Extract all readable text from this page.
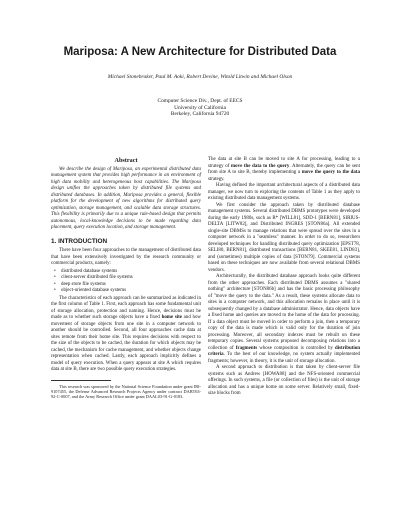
Mariposa: A New Architecture for Distributed Data
Michael Stonebraker, Paul M. Aoki, Robert Devine, Witold Litwin and Michael Olson
Computer Science Div., Dept. of EECS
University of California
Berkeley, California 94720
Abstract

We describe the design of Mariposa, an experimental distributed data management system that provides high performance in an environment of high data mobility and heterogeneous host capabilities. The Mariposa design unifies the approaches taken by distributed file systems and distributed databases. In addition, Mariposa provides a general, flexible platform for the development of new algorithms for distributed query optimization, storage management, and scalable data storage structures. This flexibility is primarily due to a unique rule-based design that permits autonomous, local-knowledge decisions to be made regarding data placement, query execution location, and storage management.

1. INTRODUCTION

There have been four approaches to the management of distributed data that have been extensively investigated by the research community or commercial products, namely:

• distributed database systems
• client-server distributed file systems
• deep store file systems
• object-oriented database systems

The characteristics of each approach can be summarized as indicated in the first column of Table 1. First, each approach has some fundamental unit of storage allocation, protection and naming. Hence, decisions must be made as to whether such storage objects have a fixed home site and how movement of storage objects from one site in a computer network to another should be controlled. Second, all four approaches cache data at sites remote from their home site. This requires decisions with respect to the size of the objects to be cached, the duration for which objects may be cached, the mechanism for cache management, and whether objects change representation when cached. Lastly, each approach implicitly defines a model of query execution. When a query appears at site A which requires data at site B, there are two possible query execution strategies.

This research was sponsored by the National Science Foundation under grant IRI-9107455, the Defense Advanced Research Projects Agency under contract DABT63-92-C-0007, and the Army Research Office under grant DAAL03-91-G-0183.

The data at site B can be moved to site A for processing, leading to a strategy of move the data to the query. Alternately, the query can be sent from site A to site B, thereby implementing a move the query to the data strategy.

Having defined the important architectural aspects of a distributed data manager, we now turn to exploring the contents of Table 1 as they apply to existing distributed data management systems.

We first consider the approach taken by distributed database management systems. Several distributed DBMS prototypes were developed during the early 1980s, such as R* [WILL81], SDD-1 [BERN81], SIRIUS-DELTA [LITW82], and Distributed INGRES [STON86a]. All extended single-site DBMSs to manage relations that were spread over the sites in a computer network in a "seamless" manner. In order to do so, researchers developed techniques for handling distributed query optimization [EPST78, SELI80, BERN81], distributed transactions [BERN81, SKEE81, LIND83], and (sometimes) multiple copies of data [STON79]. Commercial systems based on these techniques are now available from several relational DBMS vendors.

Architecturally, the distributed database approach looks quite different from the other approaches. Each distributed DBMS assumes a "shared nothing" architecture [STON86b] and has the basic processing philosophy of "move the query to the data." As a result, these systems allocate data to sites in a computer network, and this allocation remains in place until it is subsequently changed by a database administrator. Hence, data objects have a fixed home and queries are moved to the home of the data for processing. If a data object must be moved in order to perform a join, then a temporary copy of the data is made which is valid only for the duration of join processing. Moreover, all secondary indexes must be rebuilt on these temporary copies. Several systems proposed decomposing relations into a collection of fragments whose composition is controlled by distribution criteria. To the best of our knowledge, no system actually implemented fragments; however, in theory, it is the unit of storage allocation.

A second approach to distribution is that taken by client-server file systems such as Andrew [HOWA88] and the NFS-oriented commercial offerings. In such systems, a file (or collection of files) is the unit of storage allocation and has a unique home on some server. Relatively small, fixed-size blocks from
